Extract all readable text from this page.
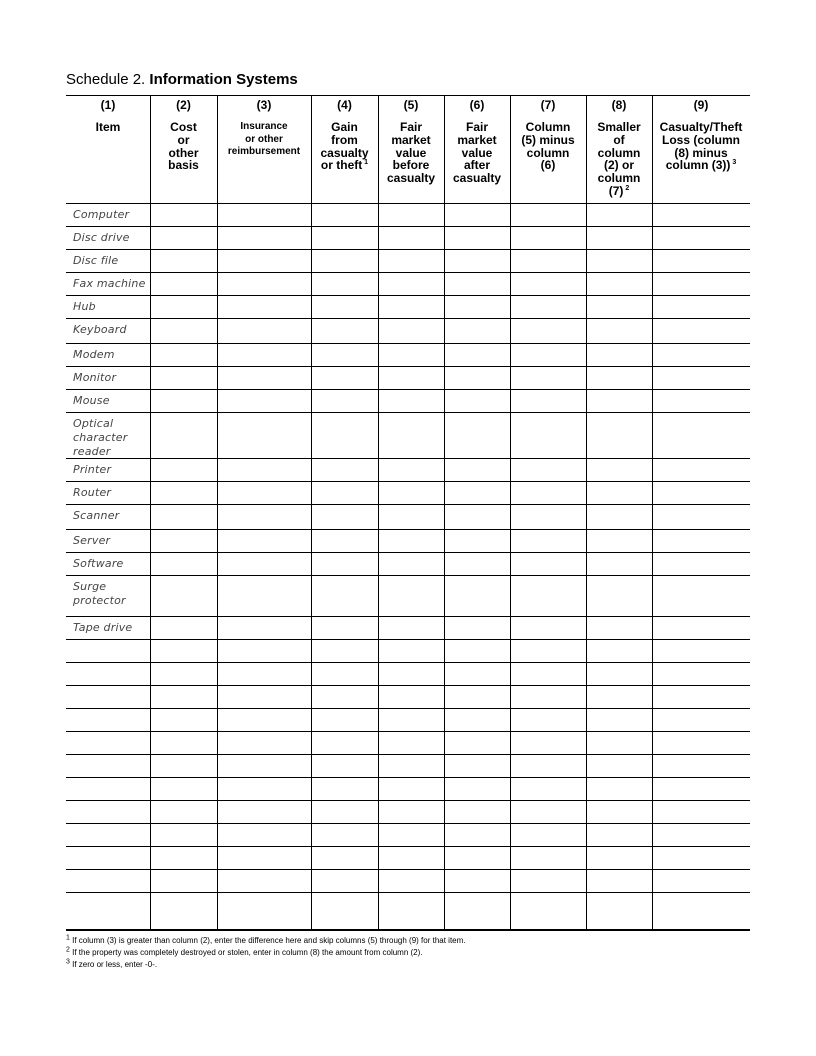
Schedule 2. Information Systems
(1)
Item
(2)
Cost
or
other
basis
(3)
Insurance
or other
reimbursement
(4)
Gain
from
casualty
or theft $^1$
(5)
Fair
market
value
before
casualty
(6)
Fair
market
value
after
casualty
(7)
Column
(5) minus
column
(6)
(8)
Smaller
of
column
(2) or
column
(7) $^2$
(9)
Casualty/Theft
Loss (column
(8) minus
column (3)) $^3$
Computer
Disc drive
Disc file
Fax machine
Hub
Keyboard
Modem
Monitor
Mouse
Optical
character
reader
Printer
Router
Scanner
Server
Software
Surge
protector
Tape drive
$^1$ If column (3) is greater than column (2), enter the difference here and skip columns (5) through (9) for that item.
$^2$ If the property was completely destroyed or stolen, enter in column (8) the amount from column (2).
$^3$ If zero or less, enter -0-.
